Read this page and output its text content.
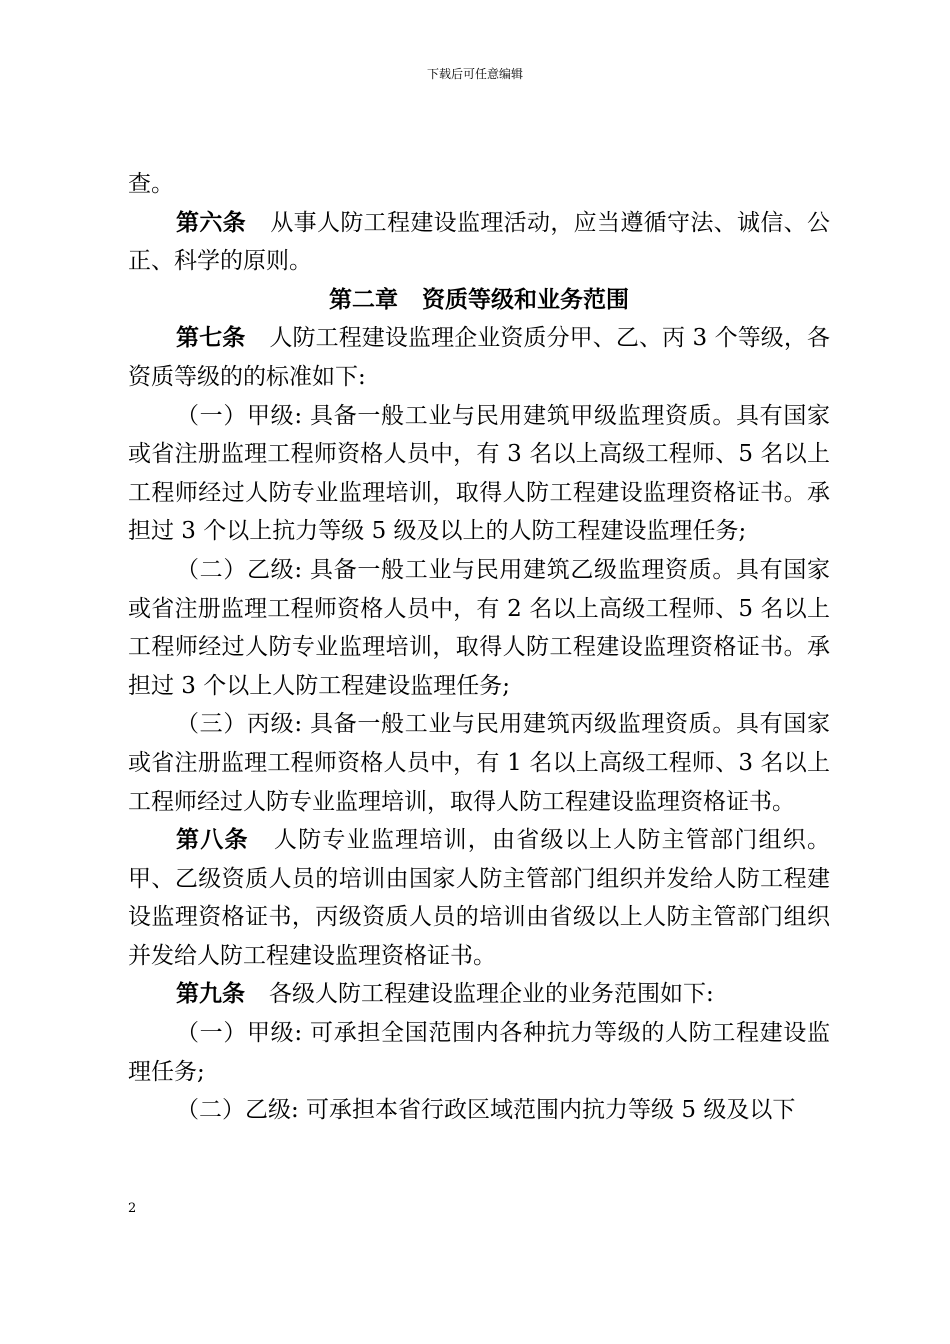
下载后可任意编辑

查。

第六条 从事人防工程建设监理活动，应当遵循守法、诚信、公正、科学的原则。

第二章 资质等级和业务范围

第七条 人防工程建设监理企业资质分甲、乙、丙 3 个等级，各资质等级的的标准如下:

（一）甲级: 具备一般工业与民用建筑甲级监理资质。具有国家或省注册监理工程师资格人员中，有 3 名以上高级工程师、5 名以上工程师经过人防专业监理培训，取得人防工程建设监理资格证书。承担过 3 个以上抗力等级 5 级及以上的人防工程建设监理任务;

（二）乙级: 具备一般工业与民用建筑乙级监理资质。具有国家或省注册监理工程师资格人员中，有 2 名以上高级工程师、5 名以上工程师经过人防专业监理培训，取得人防工程建设监理资格证书。承担过 3 个以上人防工程建设监理任务;

（三）丙级: 具备一般工业与民用建筑丙级监理资质。具有国家或省注册监理工程师资格人员中，有 1 名以上高级工程师、3 名以上工程师经过人防专业监理培训，取得人防工程建设监理资格证书。

第八条 人防专业监理培训，由省级以上人防主管部门组织。甲、乙级资质人员的培训由国家人防主管部门组织并发给人防工程建设监理资格证书，丙级资质人员的培训由省级以上人防主管部门组织并发给人防工程建设监理资格证书。

第九条 各级人防工程建设监理企业的业务范围如下:

（一）甲级: 可承担全国范围内各种抗力等级的人防工程建设监理任务;

（二）乙级: 可承担本省行政区域范围内抗力等级 5 级及以下

2
